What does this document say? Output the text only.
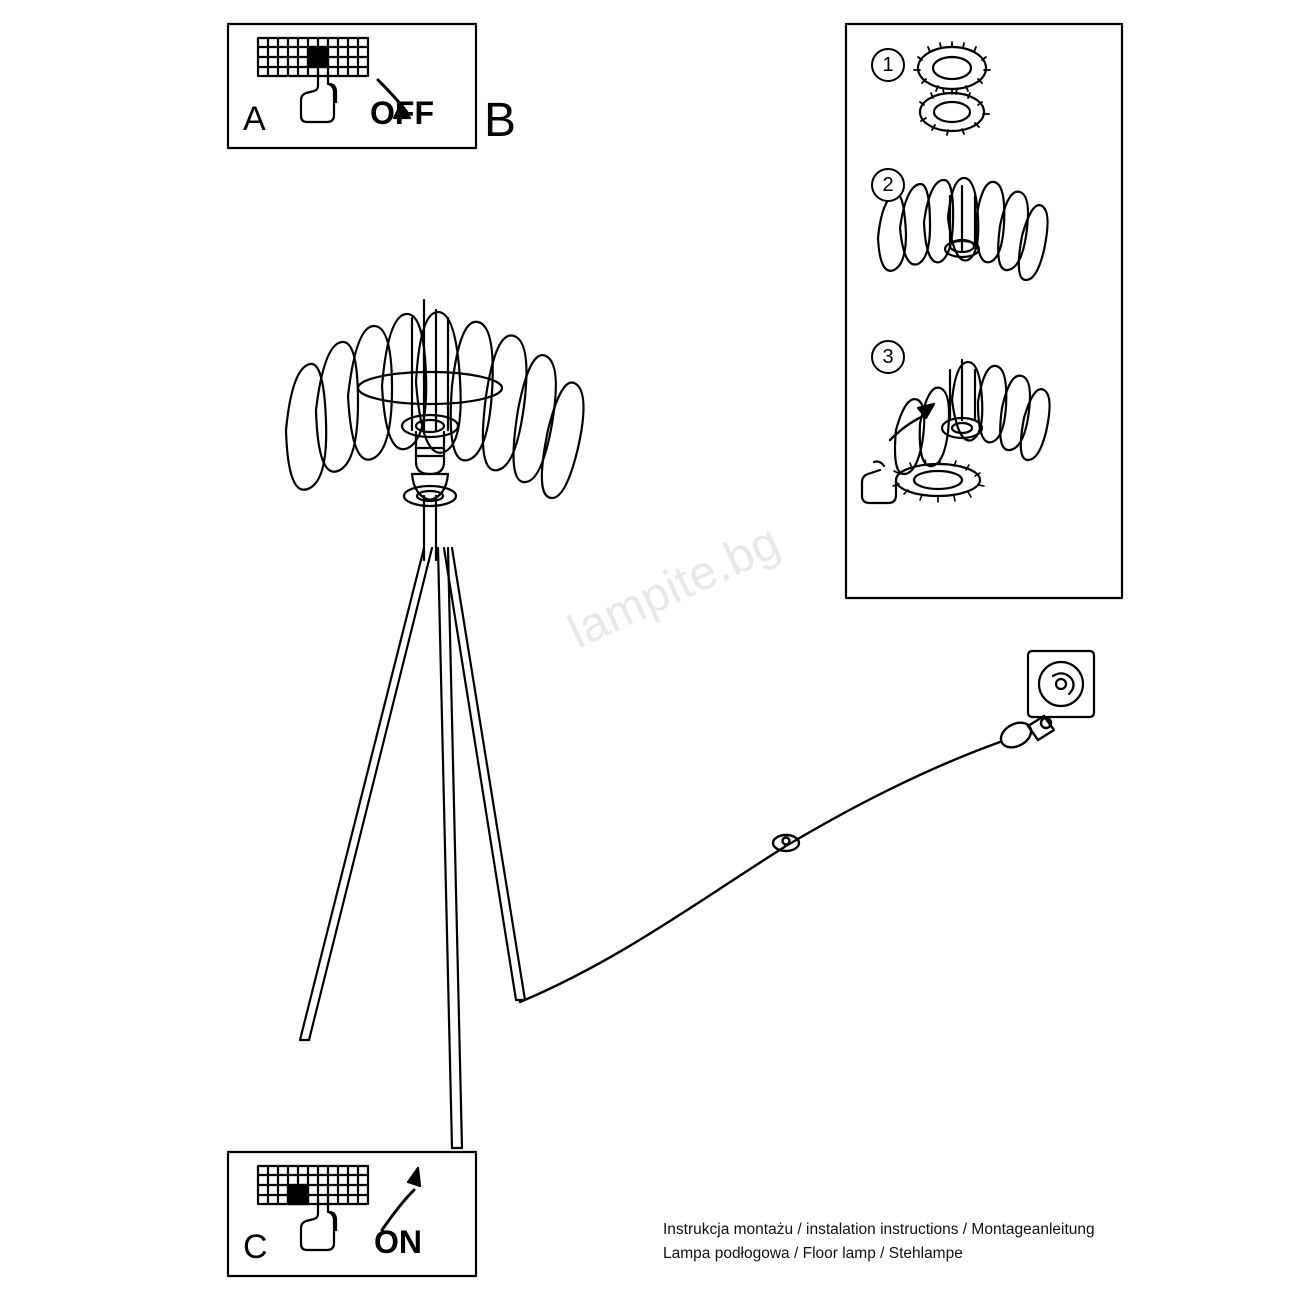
A	OFF B
C	ON
1
2
3
lampite.bg
Instrukcja montażu / instalation instructions / Montageanleitung
Lampa podłogowa / Floor lamp / Stehlampe
